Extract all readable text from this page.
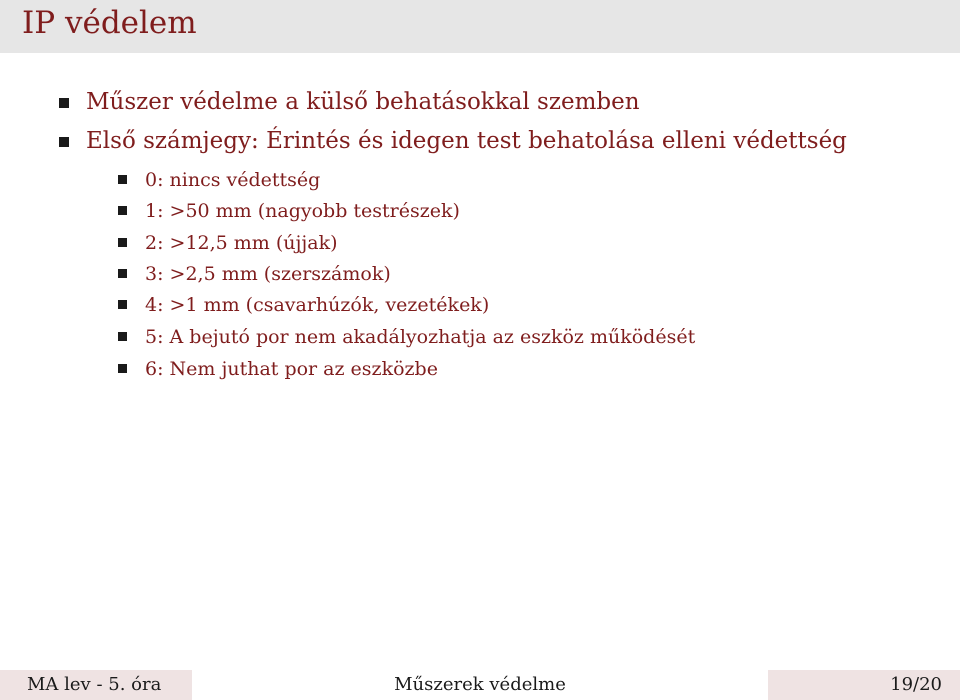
IP védelem
Műszer védelme a külső behatásokkal szemben
Első számjegy: Érintés és idegen test behatolása elleni védettség
0: nincs védettség
1: >50 mm (nagyobb testrészek)
2: >12,5 mm (újjak)
3: >2,5 mm (szerszámok)
4: >1 mm (csavarhúzók, vezetékek)
5: A bejutó por nem akadályozhatja az eszköz működését
6: Nem juthat por az eszközbe
MA lev - 5. óra	Műszerek védelme	19/20
